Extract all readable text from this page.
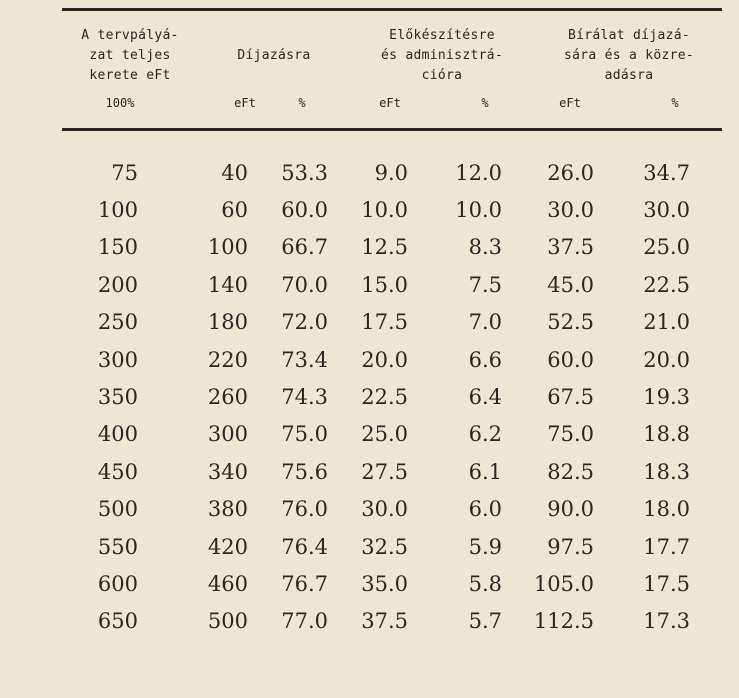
A tervpályá-
zat teljes
kerete eFt
Díjazásra
Előkészítésre
és adminisztrá-
cióra
Bírálat díjazá-
sára és a közre-
adásra
100%	eFt	%	eFt	%	eFt	%
75	40	53.3	9.0	12.0	26.0	34.7
100	60	60.0	10.0	10.0	30.0	30.0
150	100	66.7	12.5	8.3	37.5	25.0
200	140	70.0	15.0	7.5	45.0	22.5
250	180	72.0	17.5	7.0	52.5	21.0
300	220	73.4	20.0	6.6	60.0	20.0
350	260	74.3	22.5	6.4	67.5	19.3
400	300	75.0	25.0	6.2	75.0	18.8
450	340	75.6	27.5	6.1	82.5	18.3
500	380	76.0	30.0	6.0	90.0	18.0
550	420	76.4	32.5	5.9	97.5	17.7
600	460	76.7	35.0	5.8	105.0	17.5
650	500	77.0	37.5	5.7	112.5	17.3
